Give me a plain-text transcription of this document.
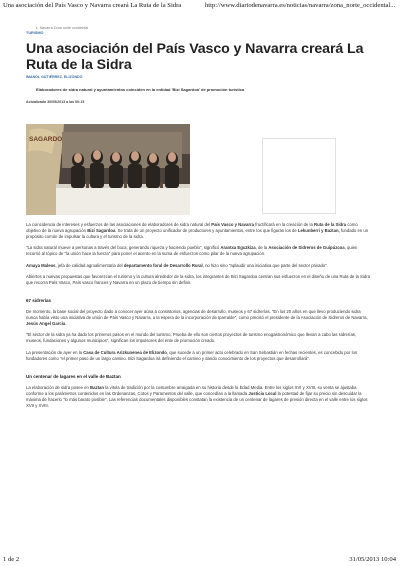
Una asociación del País Vasco y Navarra creará La Ruta de la Sidra	http://www.diariodenavarra.es/noticias/navarra/zona_norte_occidental...
▸ Navarra Zona norte occidental
TURISMO
Una asociación del País Vasco y Navarra creará La Ruta de la Sidra
IMANOL GUTIÉRREZ. ELIZONDO
Elaboradores de sidra natural y ayuntamientos coinciden en la entidad 'Bizi Sagardoa' de promoción turística
Actualizado 30/05/2013 a las 00:15
SAGARDO

La coincidencia de intereses y esfuerzos de las asociaciones de elaboradores de sidra natural del País Vasco y Navarra fructificará en la creación de la Ruta de la Sidra como objetivo de la nueva agrupación Bizi Sagardoa. Se trata de un proyecto unificador de productores y ayuntamientos, entre los que figuran los de Lekunberri y Baztan, fundado en un propósito común de impulsar la cultura y el turismo de la sidra.

"La sidra natural mueve a personas a través del boca, generando riqueza y haciendo pueblo", significó Arantxa Eguzkiza, de la Asociación de Sidreros de Guipúzcoa, quien recurrió al tópico de "la unión hace la fuerza" para poner el acento en la suma de esfuerzos como pilar de la nueva agrupación.

Amaya Maleos, jefa de calidad agroalimentaria del departamento foral de Desarrollo Rural, no hizo sino "aplaudir una iniciativa que parte del sector privado".

Abiertos a nuevas propuestas que favorezcan el turismo y la cultura alrededor de la sidra, los integrantes de Bizi Sagardoa centran sus esfuerzos en el diseño de una Ruta de la Sidra que recorra País Vasco, País vasco frances y Navarra en un plazo de tiempo sin definir.

67 sidrerías

De momento, la base social del proyecto dado a conocer ayer aúna a consistorios, agencias de desarrollo, museos y 67 sidrerías. "En los 20 años en que llevo produciendo sidra nunca había visto una iniciativa de unión de País Vasco y Navarra, a la espera de la incorporación de Iparralde", como precisó el presidente de la Asociación de Sidreros de Navarra, Jesús Angel García.

"El sector de la sidra ya ha dado los primeros pasos en el mundo del turismo. Prueba de ello son ciertos proyectos de turismo enogastronómico que llevan a cabo las sidrerías, museos, fundaciones y algunos municipios", significan los impulsores del ente de promoción creado.

La presentación de ayer en la Casa de Cultura Arizkunenea de Elizondo, que sucede a un primer acto celebrado en San Sebastián en fechas recientes, es concebido por los fundadores como "el primer paso de un largo camino. Bizi Sagardoa irá definiendo el camino y dando conocimiento de los proyectos que desarrollará".

Un centenar de lagares en el valle de Baztan

La elaboración de sidra posee en Baztan la vitola de tradición por la costumbre arraigada en su historia desde la Edad Media. Entre los siglos XVI y XVIII, su venta se ajustaba conforme a los parámetros contenidos en las Ordenanzas, Cotos y Paramentos del valle, que concedían a la llamada Justicia Local la potestad de fijar su precio sin descuidar la máxima de hacerlo "lo más barato posible". Las referencias documentales disponibles constatan la existencia de un centenar de lagares de presión directa en el valle entre los siglos XVII y XVIII.

1 de 2	31/05/2013 10:04
